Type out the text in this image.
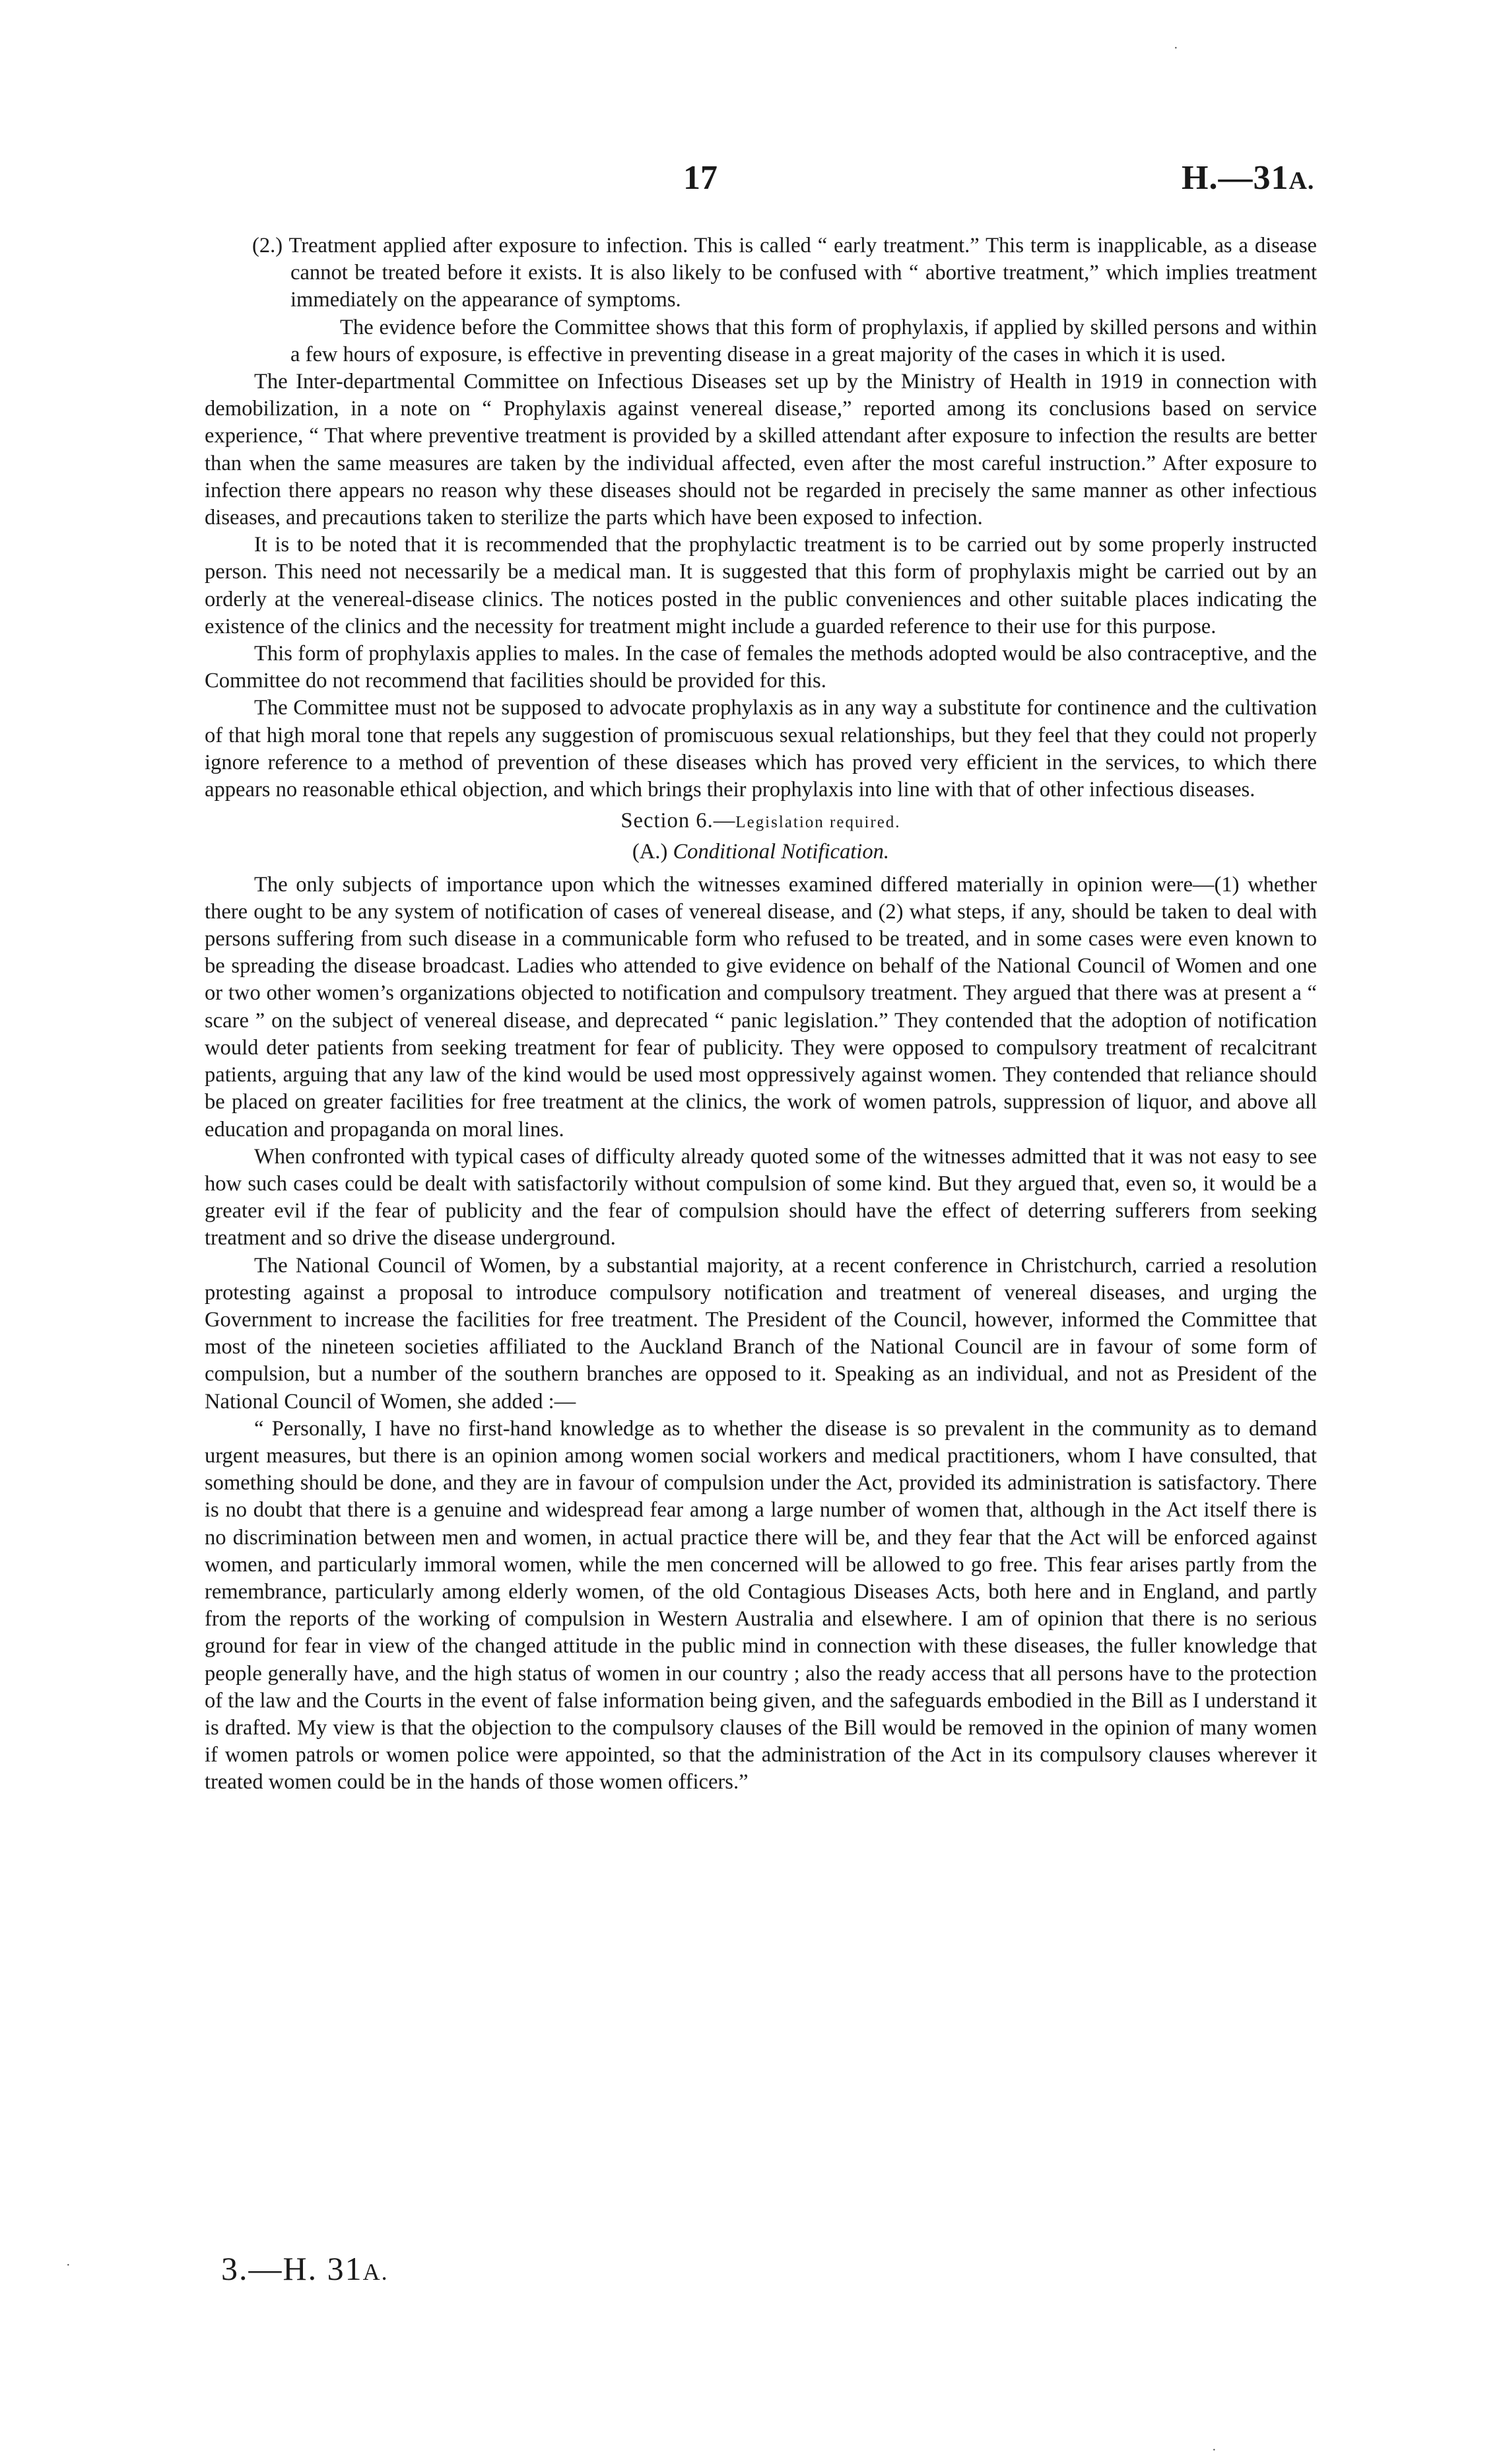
17	H.—31A.

(2.) Treatment applied after exposure to infection. This is called “ early treatment.” This term is inapplicable, as a disease cannot be treated before it exists. It is also likely to be confused with “ abortive treatment,” which implies treatment immediately on the appearance of symptoms.

The evidence before the Committee shows that this form of prophylaxis, if applied by skilled persons and within a few hours of exposure, is effective in preventing disease in a great majority of the cases in which it is used.

The Inter-departmental Committee on Infectious Diseases set up by the Ministry of Health in 1919 in connection with demobilization, in a note on “ Prophylaxis against venereal disease,” reported among its conclusions based on service experience, “ That where preventive treatment is provided by a skilled attendant after exposure to infection the results are better than when the same measures are taken by the individual affected, even after the most careful instruction.” After exposure to infection there appears no reason why these diseases should not be regarded in precisely the same manner as other infectious diseases, and precautions taken to sterilize the parts which have been exposed to infection.

It is to be noted that it is recommended that the prophylactic treatment is to be carried out by some properly instructed person. This need not necessarily be a medical man. It is suggested that this form of prophylaxis might be carried out by an orderly at the venereal-disease clinics. The notices posted in the public conveniences and other suitable places indicating the existence of the clinics and the necessity for treatment might include a guarded reference to their use for this purpose.

This form of prophylaxis applies to males. In the case of females the methods adopted would be also contraceptive, and the Committee do not recommend that facilities should be provided for this.

The Committee must not be supposed to advocate prophylaxis as in any way a substitute for continence and the cultivation of that high moral tone that repels any suggestion of promiscuous sexual relationships, but they feel that they could not properly ignore reference to a method of prevention of these diseases which has proved very efficient in the services, to which there appears no reasonable ethical objection, and which brings their prophylaxis into line with that of other infectious diseases.

Section 6.—Legislation required.

(A.) Conditional Notification.

The only subjects of importance upon which the witnesses examined differed materially in opinion were—(1) whether there ought to be any system of notification of cases of venereal disease, and (2) what steps, if any, should be taken to deal with persons suffering from such disease in a communicable form who refused to be treated, and in some cases were even known to be spreading the disease broadcast. Ladies who attended to give evidence on behalf of the National Council of Women and one or two other women’s organizations objected to notification and compulsory treatment. They argued that there was at present a “ scare ” on the subject of venereal disease, and deprecated “ panic legislation.” They contended that the adoption of notification would deter patients from seeking treatment for fear of publicity. They were opposed to compulsory treatment of recalcitrant patients, arguing that any law of the kind would be used most oppressively against women. They contended that reliance should be placed on greater facilities for free treatment at the clinics, the work of women patrols, suppression of liquor, and above all education and propaganda on moral lines.

When confronted with typical cases of difficulty already quoted some of the witnesses admitted that it was not easy to see how such cases could be dealt with satisfactorily without compulsion of some kind. But they argued that, even so, it would be a greater evil if the fear of publicity and the fear of compulsion should have the effect of deterring sufferers from seeking treatment and so drive the disease underground.

The National Council of Women, by a substantial majority, at a recent conference in Christchurch, carried a resolution protesting against a proposal to introduce compulsory notification and treatment of venereal diseases, and urging the Government to increase the facilities for free treatment. The President of the Council, however, informed the Committee that most of the nineteen societies affiliated to the Auckland Branch of the National Council are in favour of some form of compulsion, but a number of the southern branches are opposed to it. Speaking as an individual, and not as President of the National Council of Women, she added :—

“ Personally, I have no first-hand knowledge as to whether the disease is so prevalent in the community as to demand urgent measures, but there is an opinion among women social workers and medical practitioners, whom I have consulted, that something should be done, and they are in favour of compulsion under the Act, provided its administration is satisfactory. There is no doubt that there is a genuine and widespread fear among a large number of women that, although in the Act itself there is no discrimination between men and women, in actual practice there will be, and they fear that the Act will be enforced against women, and particularly immoral women, while the men concerned will be allowed to go free. This fear arises partly from the remembrance, particularly among elderly women, of the old Contagious Diseases Acts, both here and in England, and partly from the reports of the working of compulsion in Western Australia and elsewhere. I am of opinion that there is no serious ground for fear in view of the changed attitude in the public mind in connection with these diseases, the fuller knowledge that people generally have, and the high status of women in our country ; also the ready access that all persons have to the protection of the law and the Courts in the event of false information being given, and the safeguards embodied in the Bill as I understand it is drafted. My view is that the objection to the compulsory clauses of the Bill would be removed in the opinion of many women if women patrols or women police were appointed, so that the administration of the Act in its compulsory clauses wherever it treated women could be in the hands of those women officers.”

3.—H. 31A.
·
·
·
